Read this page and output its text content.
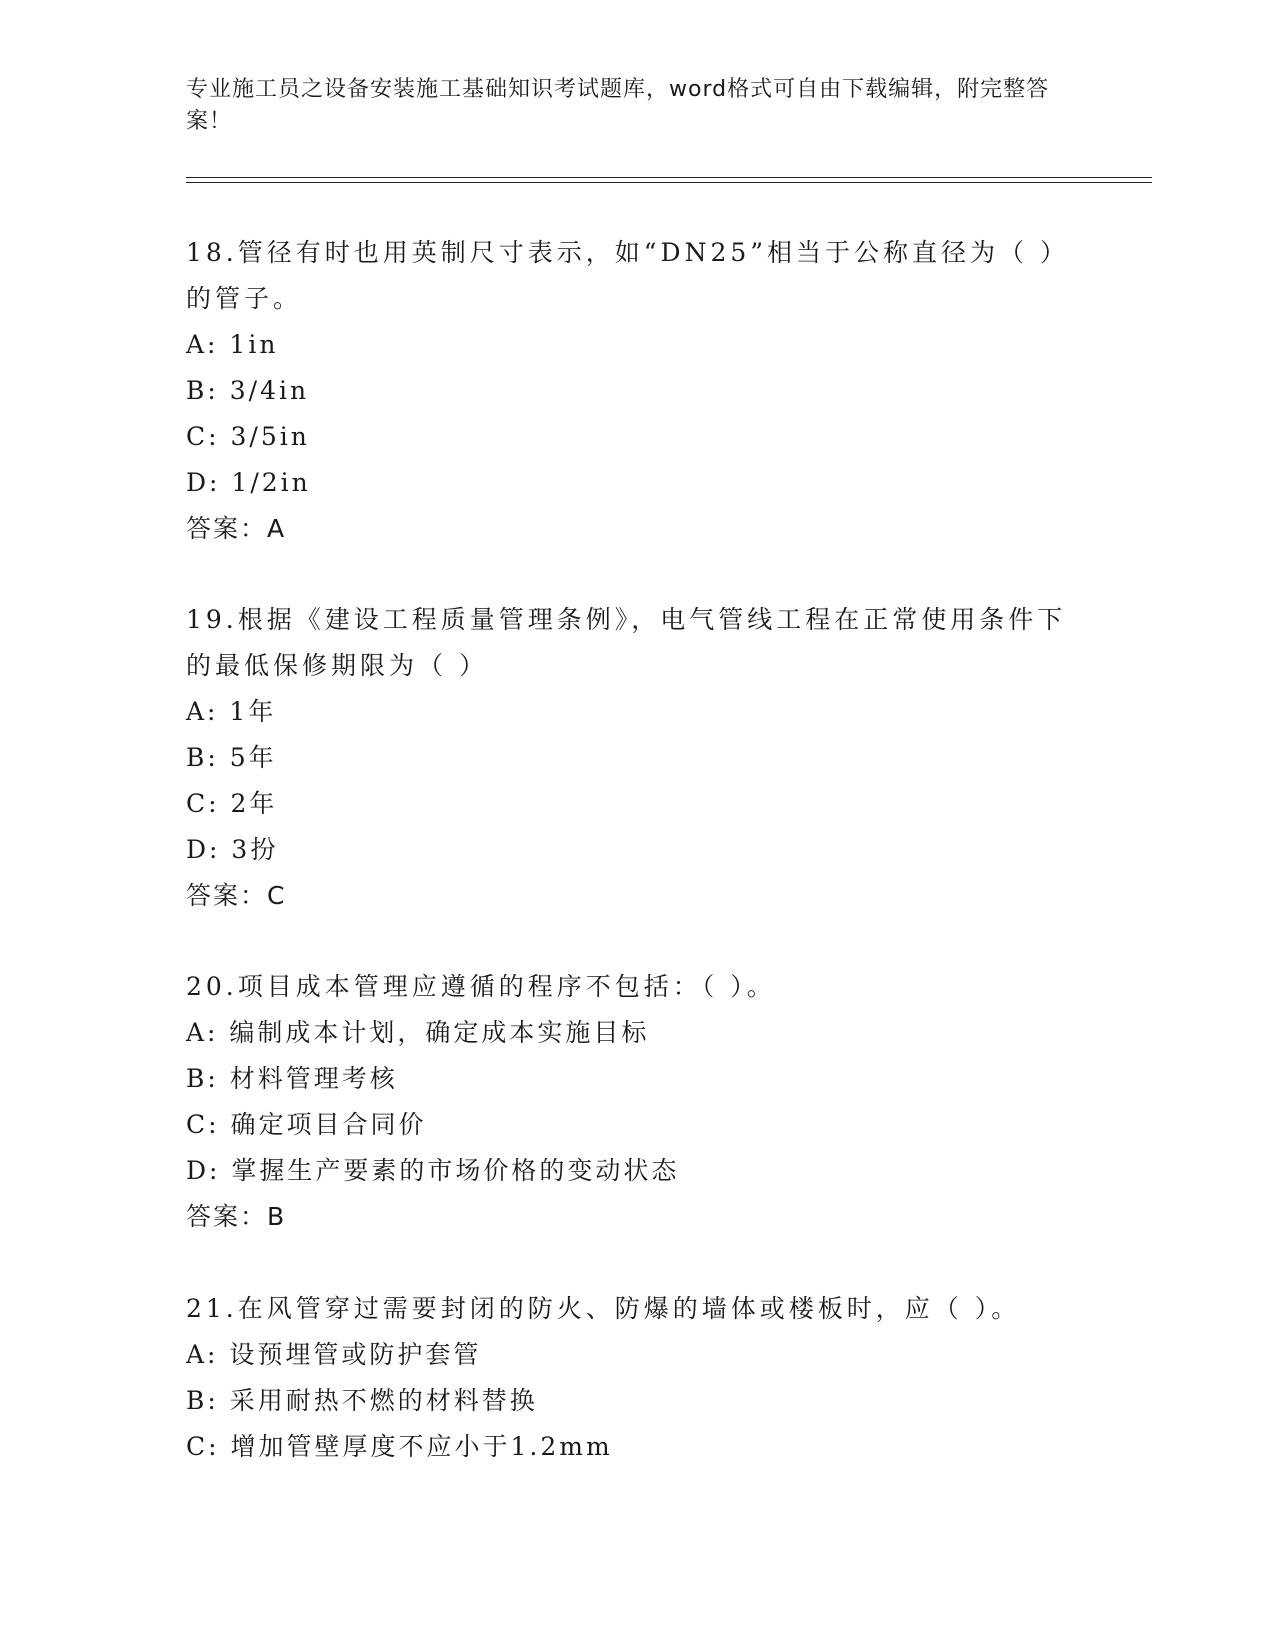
专业施工员之设备安装施工基础知识考试题库，word格式可自由下载编辑，附完整答案！

18.管径有时也用英制尺寸表示，如“DN25”相当于公称直径为（ ）的管子。

A: 1in

B: 3/4in

C: 3/5in

D: 1/2in

答案：A

19.根据《建设工程质量管理条例》，电气管线工程在正常使用条件下的最低保修期限为（ ）

A: 1年

B: 5年

C: 2年

D: 3扮

答案：C

20.项目成本管理应遵循的程序不包括：（ ）。

A: 编制成本计划，确定成本实施目标

B: 材料管理考核

C: 确定项目合同价

D: 掌握生产要素的市场价格的变动状态

答案：B

21.在风管穿过需要封闭的防火、防爆的墙体或楼板时，应（ ）。

A: 设预埋管或防护套管

B: 采用耐热不燃的材料替换

C: 增加管壁厚度不应小于1.2mm
